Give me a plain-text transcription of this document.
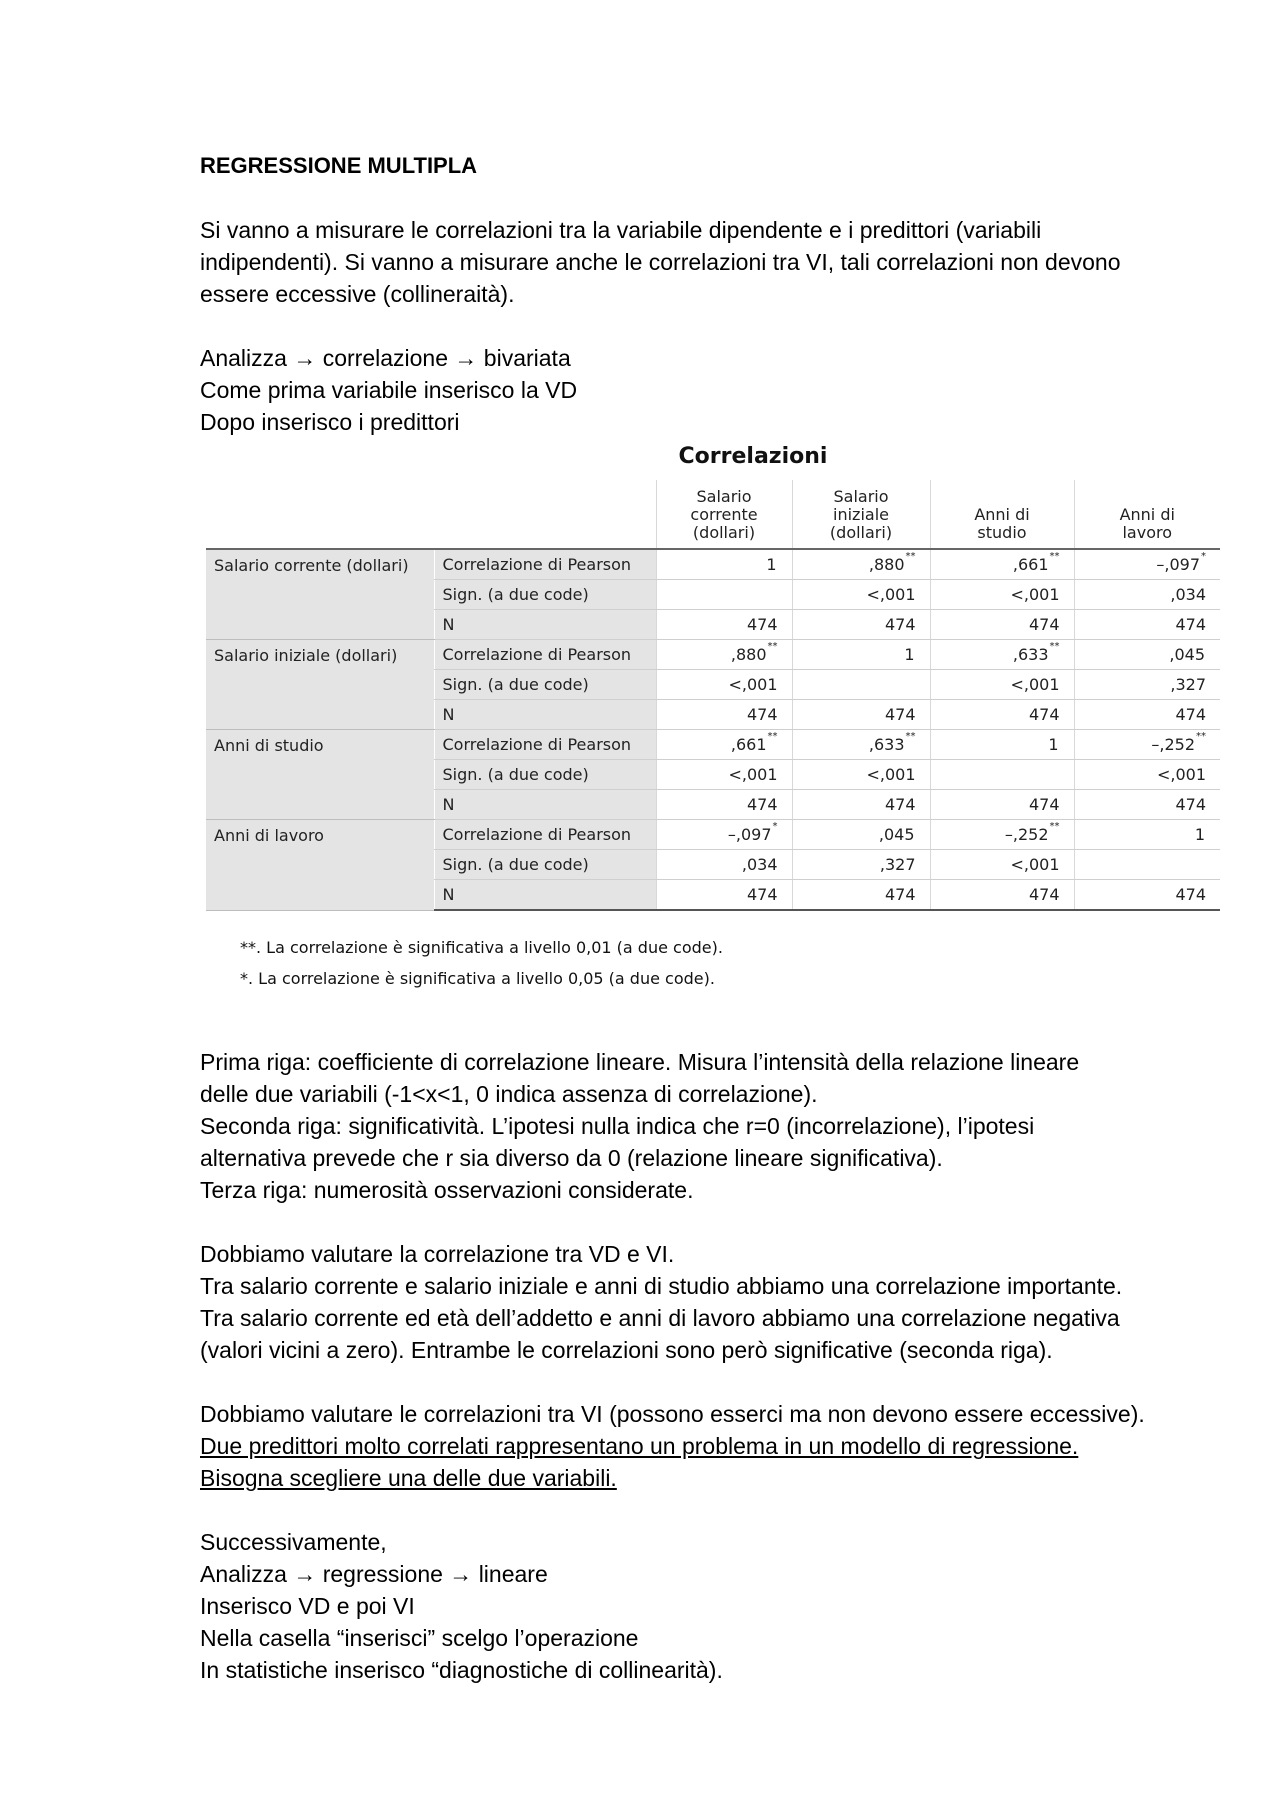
REGRESSIONE MULTIPLA

Si vanno a misurare le correlazioni tra la variabile dipendente e i predittori (variabili

indipendenti). Si vanno a misurare anche le correlazioni tra VI, tali correlazioni non devono

essere eccessive (collineraità).

Analizza → correlazione → bivariata

Come prima variabile inserisco la VD

Dopo inserisco i predittori

Correlazioni
		Salario
corrente
(dollari)	Salario
iniziale
(dollari)	Anni di
studio	Anni di
lavoro
Salario corrente (dollari)	Correlazione di Pearson	1	,880**	,661**	–,097*
	Sign. (a due code)		<,001	<,001	,034
	N	474	474	474	474
Salario iniziale (dollari)	Correlazione di Pearson	,880**	1	,633**	,045
	Sign. (a due code)	<,001		<,001	,327
	N	474	474	474	474
Anni di studio	Correlazione di Pearson	,661**	,633**	1	–,252**
	Sign. (a due code)	<,001	<,001		<,001
	N	474	474	474	474
Anni di lavoro	Correlazione di Pearson	–,097*	,045	–,252**	1
	Sign. (a due code)	,034	,327	<,001	
	N	474	474	474	474
**. La correlazione è significativa a livello 0,01 (a due code).
*. La correlazione è significativa a livello 0,05 (a due code).

Prima riga: coefficiente di correlazione lineare. Misura l’intensità della relazione lineare

delle due variabili (-1<x<1, 0 indica assenza di correlazione).

Seconda riga: significatività. L’ipotesi nulla indica che r=0 (incorrelazione), l’ipotesi

alternativa prevede che r sia diverso da 0 (relazione lineare significativa).

Terza riga: numerosità osservazioni considerate.

Dobbiamo valutare la correlazione tra VD e VI.

Tra salario corrente e salario iniziale e anni di studio abbiamo una correlazione importante.

Tra salario corrente ed età dell’addetto e anni di lavoro abbiamo una correlazione negativa

(valori vicini a zero). Entrambe le correlazioni sono però significative (seconda riga).

Dobbiamo valutare le correlazioni tra VI (possono esserci ma non devono essere eccessive).

Due predittori molto correlati rappresentano un problema in un modello di regressione.

Bisogna scegliere una delle due variabili.

Successivamente,

Analizza → regressione → lineare

Inserisco VD e poi VI

Nella casella “inserisci” scelgo l’operazione

In statistiche inserisco “diagnostiche di collinearità).
